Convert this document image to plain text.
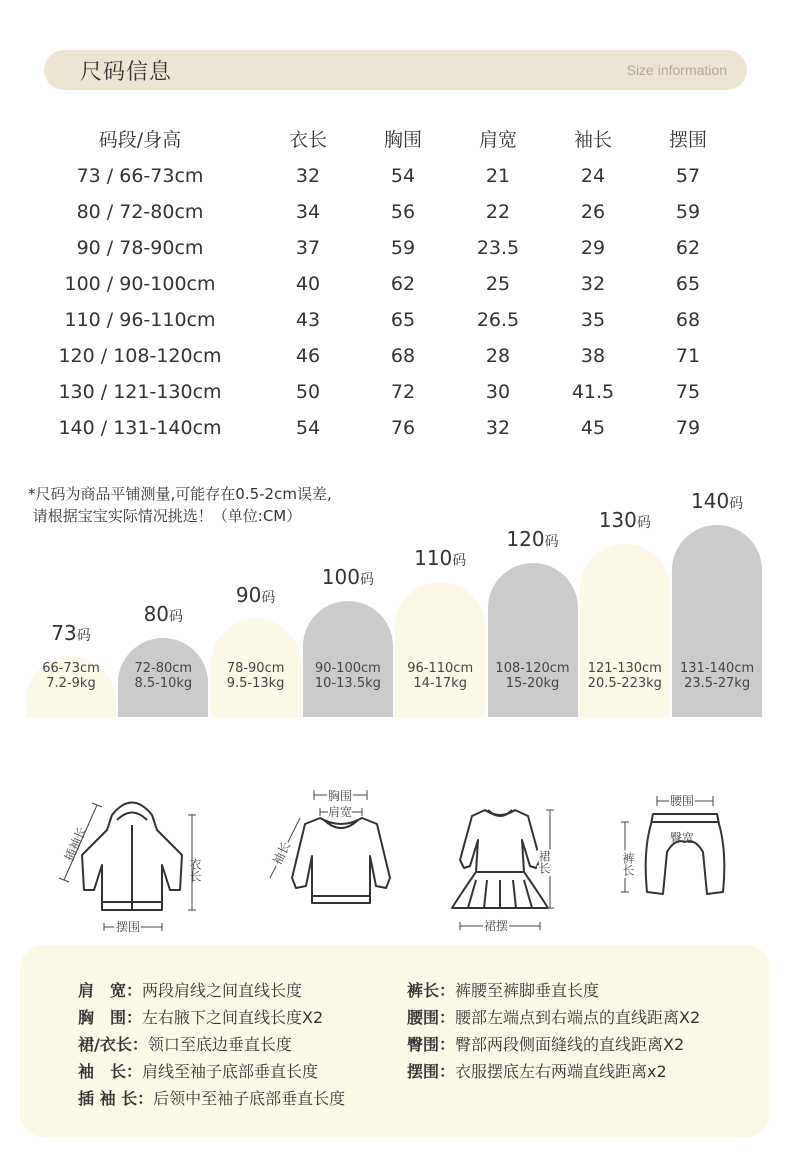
尺码信息	Size information
码段/身高	衣长	胸围	肩宽	袖长	摆围
73 / 66-73cm	32	54	21	24	57
80 / 72-80cm	34	56	22	26	59
90 / 78-90cm	37	59	23.5	29	62
100 / 90-100cm	40	62	25	32	65
110 / 96-110cm	43	65	26.5	35	68
120 / 108-120cm	46	68	28	38	71
130 / 121-130cm	50	72	30	41.5	75
140 / 131-140cm	54	76	32	45	79
*尺码为商品平铺测量,可能存在0.5-2cm误差,
请根据宝宝实际情况挑选！（单位:CM）
66-73cm
7.2-9kg
73码
72-80cm
8.5-10kg
80码
78-90cm
9.5-13kg
90码
90-100cm
10-13.5kg
100码
96-110cm
14-17kg
110码
108-120cm
15-20kg
120码
121-130cm
20.5-223kg
130码
131-140cm
23.5-27kg
140码
插袖长
衣长
摆围
胸围
肩宽
袖长	裙长
裙摆
腰围
臀宽
裤长
肩　宽：两段肩线之间直线长度
胸　围：左右腋下之间直线长度X2
裙/衣长：领口至底边垂直长度
袖　长：肩线至袖子底部垂直长度
插 袖 长：后领中至袖子底部垂直长度
裤长：裤腰至裤脚垂直长度
腰围：腰部左端点到右端点的直线距离X2
臀围：臀部两段侧面缝线的直线距离X2
摆围：衣服摆底左右两端直线距离x2
